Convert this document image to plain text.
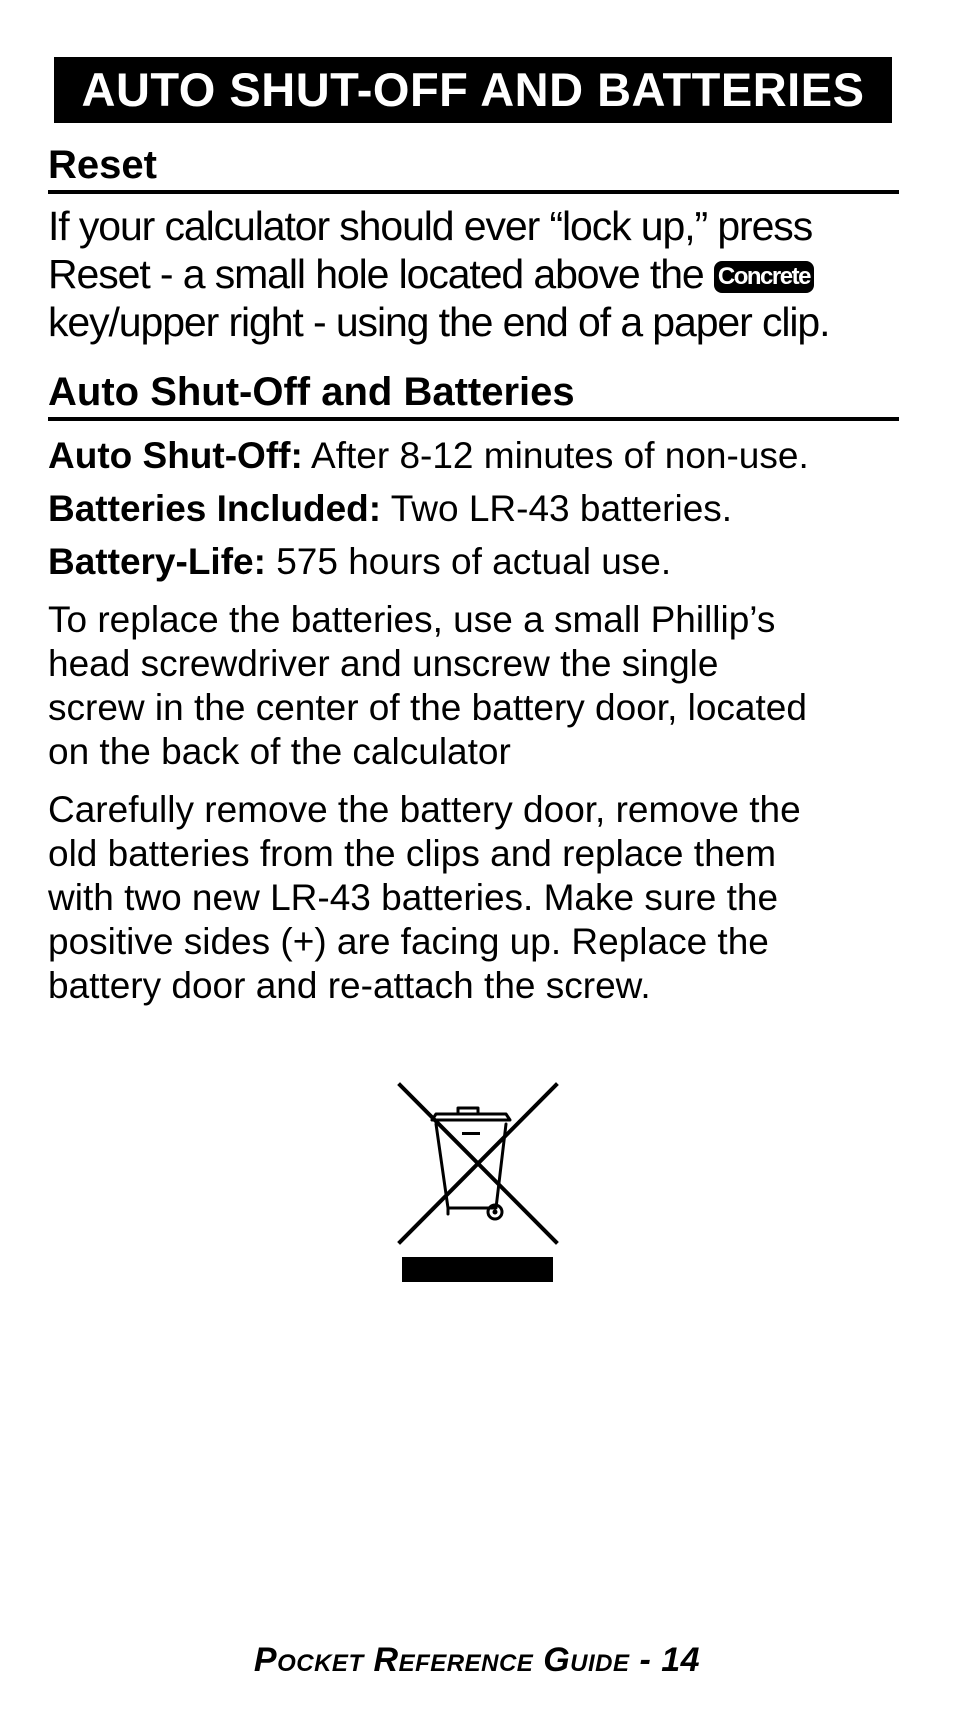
AUTO SHUT-OFF AND BATTERIES
Reset
If your calculator should ever “lock up,” press
Reset - a small hole located above the Concrete
key/upper right - using the end of a paper clip.
Auto Shut-Off and Batteries
Auto Shut-Off: After 8-12 minutes of non-use.
Batteries Included: Two LR-43 batteries.
Battery-Life: 575 hours of actual use.
To replace the batteries, use a small Phillip’s
head screwdriver and unscrew the single
screw in the center of the battery door, located
on the back of the calculator
Carefully remove the battery door, remove the
old batteries from the clips and replace them
with two new LR-43 batteries. Make sure the
positive sides (+) are facing up. Replace the
battery door and re-attach the screw.
Pocket Reference Guide - 14
